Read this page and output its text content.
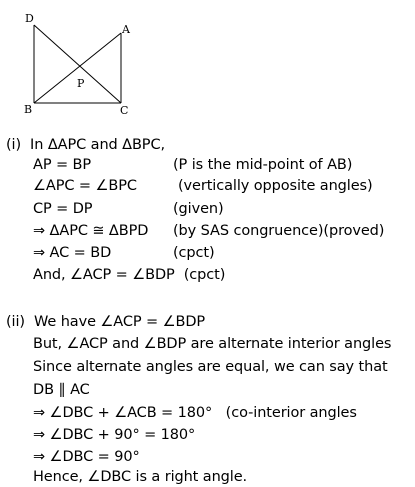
D
A
P
B	C
(i)  In ΔAPC and ΔBPC,
AP = BP	(P is the mid-point of AB)
∠APC = ∠BPC	(vertically opposite angles)
CP = DP	(given)
⇒ ΔAPC ≅ ΔBPD (by SAS congruence)(proved)
⇒ AC = BD	(cpct)
And, ∠ACP = ∠BDP  (cpct)
(ii)  We have ∠ACP = ∠BDP
But, ∠ACP and ∠BDP are alternate interior angles
Since alternate angles are equal, we can say that
DB ∥ AC
⇒ ∠DBC + ∠ACB = 180°   (co-interior angles
⇒ ∠DBC + 90° = 180°
⇒ ∠DBC = 90°
Hence, ∠DBC is a right angle.
